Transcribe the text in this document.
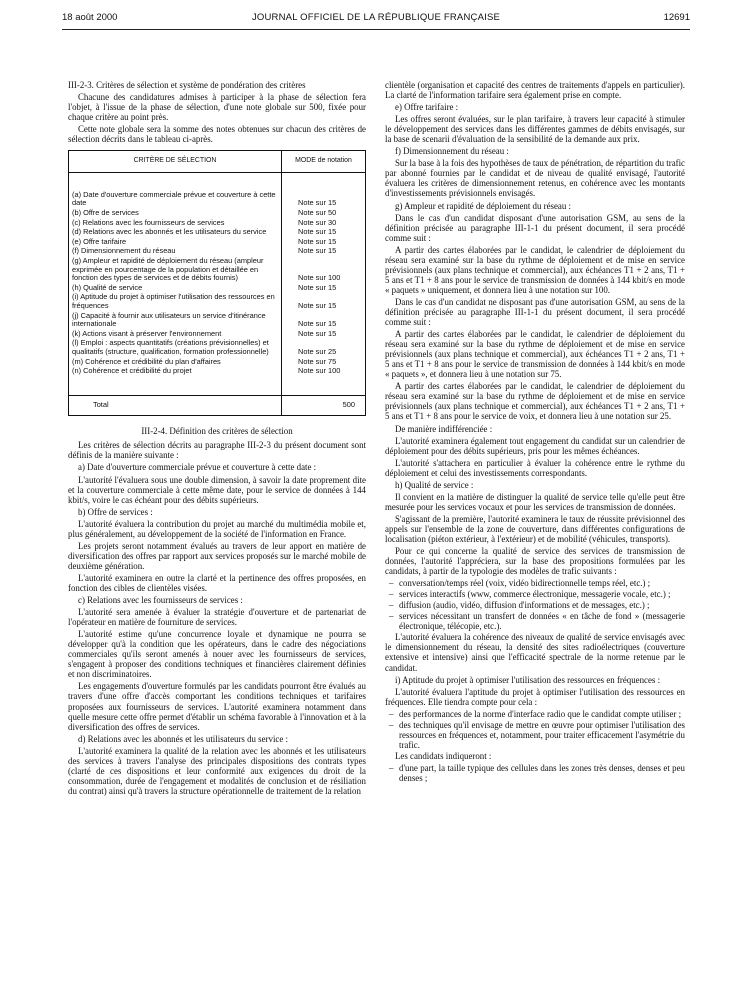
18 août 2000	JOURNAL OFFICIEL DE LA RÉPUBLIQUE FRANÇAISE	12691

III-2-3. Critères de sélection et système de pondération des critères

Chacune des candidatures admises à participer à la phase de sélection fera l'objet, à l'issue de la phase de sélection, d'une note globale sur 500, fixée pour chaque critère au point près.

Cette note globale sera la somme des notes obtenues sur chacun des critères de sélection décrits dans le tableau ci-après.

CRITÈRE DE SÉLECTION	MODE de notation

(a) Date d'ouverture commerciale prévue et couverture à cette date	Note sur 15
(b) Offre de services	Note sur 50
(c) Relations avec les fournisseurs de services	Note sur 30
(d) Relations avec les abonnés et les utilisateurs du service	Note sur 15
(e) Offre tarifaire	Note sur 15
(f) Dimensionnement du réseau	Note sur 15
(g) Ampleur et rapidité de déploiement du réseau (ampleur exprimée en pourcentage de la population et détaillée en fonction des types de services et de débits fournis)	Note sur 100
(h) Qualité de service	Note sur 15
(i) Aptitude du projet à optimiser l'utilisation des ressources en fréquences	Note sur 15
(j) Capacité à fournir aux utilisateurs un service d'itinérance internationale	Note sur 15
(k) Actions visant à préserver l'environnement	Note sur 15
(l) Emploi : aspects quantitatifs (créations prévisionnelles) et qualitatifs (structure, qualification, formation professionnelle)	Note sur 25
(m) Cohérence et crédibilité du plan d'affaires	Note sur 75
(n) Cohérence et crédibilité du projet	Note sur 100

Total	500

III-2-4. Définition des critères de sélection

Les critères de sélection décrits au paragraphe III-2-3 du présent document sont définis de la manière suivante :

a) Date d'ouverture commerciale prévue et couverture à cette date :

L'autorité l'évaluera sous une double dimension, à savoir la date proprement dite et la couverture commerciale à cette même date, pour le service de données à 144 kbit/s, voire le cas échéant pour des débits supérieurs.

b) Offre de services :

L'autorité évaluera la contribution du projet au marché du multimédia mobile et, plus généralement, au développement de la société de l'information en France.

Les projets seront notamment évalués au travers de leur apport en matière de diversification des offres par rapport aux services proposés sur le marché mobile de deuxième génération.

L'autorité examinera en outre la clarté et la pertinence des offres proposées, en fonction des cibles de clientèles visées.

c) Relations avec les fournisseurs de services :

L'autorité sera amenée à évaluer la stratégie d'ouverture et de partenariat de l'opérateur en matière de fourniture de services.

L'autorité estime qu'une concurrence loyale et dynamique ne pourra se développer qu'à la condition que les opérateurs, dans le cadre des négociations commerciales qu'ils seront amenés à nouer avec les fournisseurs de services, s'engagent à proposer des conditions techniques et financières clairement définies et non discriminatoires.

Les engagements d'ouverture formulés par les candidats pourront être évalués au travers d'une offre d'accès comportant les conditions techniques et tarifaires proposées aux fournisseurs de services. L'autorité examinera notamment dans quelle mesure cette offre permet d'établir un schéma favorable à l'innovation et à la diversification des offres de services.

d) Relations avec les abonnés et les utilisateurs du service :

L'autorité examinera la qualité de la relation avec les abonnés et les utilisateurs des services à travers l'analyse des principales dispositions des contrats types (clarté de ces dispositions et leur conformité aux exigences du droit de la consommation, durée de l'engagement et modalités de conclusion et de résiliation du contrat) ainsi qu'à travers la structure opérationnelle de traitement de la relation

clientèle (organisation et capacité des centres de traitements d'appels en particulier). La clarté de l'information tarifaire sera également prise en compte.

e) Offre tarifaire :

Les offres seront évaluées, sur le plan tarifaire, à travers leur capacité à stimuler le développement des services dans les différentes gammes de débits envisagés, sur la base de scenarii d'évaluation de la sensibilité de la demande aux prix.

f) Dimensionnement du réseau :

Sur la base à la fois des hypothèses de taux de pénétration, de répartition du trafic par abonné fournies par le candidat et de niveau de qualité envisagé, l'autorité évaluera les critères de dimensionnement retenus, en cohérence avec les montants d'investissements prévisionnels envisagés.

g) Ampleur et rapidité de déploiement du réseau :

Dans le cas d'un candidat disposant d'une autorisation GSM, au sens de la définition précisée au paragraphe III-1-1 du présent document, il sera procédé comme suit :

A partir des cartes élaborées par le candidat, le calendrier de déploiement du réseau sera examiné sur la base du rythme de déploiement et de mise en service prévisionnels (aux plans technique et commercial), aux échéances T1 + 2 ans, T1 + 5 ans et T1 + 8 ans pour le service de transmission de données à 144 kbit/s en mode « paquets » uniquement, et donnera lieu à une notation sur 100.

Dans le cas d'un candidat ne disposant pas d'une autorisation GSM, au sens de la définition précisée au paragraphe III-1-1 du présent document, il sera procédé comme suit :

A partir des cartes élaborées par le candidat, le calendrier de déploiement du réseau sera examiné sur la base du rythme de déploiement et de mise en service prévisionnels (aux plans technique et commercial), aux échéances T1 + 2 ans, T1 + 5 ans et T1 + 8 ans pour le service de transmission de données à 144 kbit/s en mode « paquets », et donnera lieu à une notation sur 75.

A partir des cartes élaborées par le candidat, le calendrier de déploiement du réseau sera examiné sur la base du rythme de déploiement et de mise en service prévisionnels (aux plans technique et commercial), aux échéances T1 + 2 ans, T1 + 5 ans et T1 + 8 ans pour le service de voix, et donnera lieu à une notation sur 25.

De manière indifférenciée :

L'autorité examinera également tout engagement du candidat sur un calendrier de déploiement pour des débits supérieurs, pris pour les mêmes échéances.

L'autorité s'attachera en particulier à évaluer la cohérence entre le rythme du déploiement et celui des investissements correspondants.

h) Qualité de service :

Il convient en la matière de distinguer la qualité de service telle qu'elle peut être mesurée pour les services vocaux et pour les services de transmission de données.

S'agissant de la première, l'autorité examinera le taux de réussite prévisionnel des appels sur l'ensemble de la zone de couverture, dans différentes configurations de localisation (piéton extérieur, à l'extérieur) et de mobilité (véhicules, transports).

Pour ce qui concerne la qualité de service des services de transmission de données, l'autorité l'appréciera, sur la base des propositions formulées par les candidats, à partir de la typologie des modèles de trafic suivants :

– conversation/temps réel (voix, vidéo bidirectionnelle temps réel, etc.) ;

– services interactifs (www, commerce électronique, messagerie vocale, etc.) ;

– diffusion (audio, vidéo, diffusion d'informations et de messages, etc.) ;

– services nécessitant un transfert de données « en tâche de fond » (messagerie électronique, télécopie, etc.).

L'autorité évaluera la cohérence des niveaux de qualité de service envisagés avec le dimensionnement du réseau, la densité des sites radioélectriques (couverture extensive et intensive) ainsi que l'efficacité spectrale de la norme retenue par le candidat.

i) Aptitude du projet à optimiser l'utilisation des ressources en fréquences :

L'autorité évaluera l'aptitude du projet à optimiser l'utilisation des ressources en fréquences. Elle tiendra compte pour cela :

– des performances de la norme d'interface radio que le candidat compte utiliser ;

– des techniques qu'il envisage de mettre en œuvre pour optimiser l'utilisation des ressources en fréquences et, notamment, pour traiter efficacement l'asymétrie du trafic.

Les candidats indiqueront :

– d'une part, la taille typique des cellules dans les zones très denses, denses et peu denses ;
